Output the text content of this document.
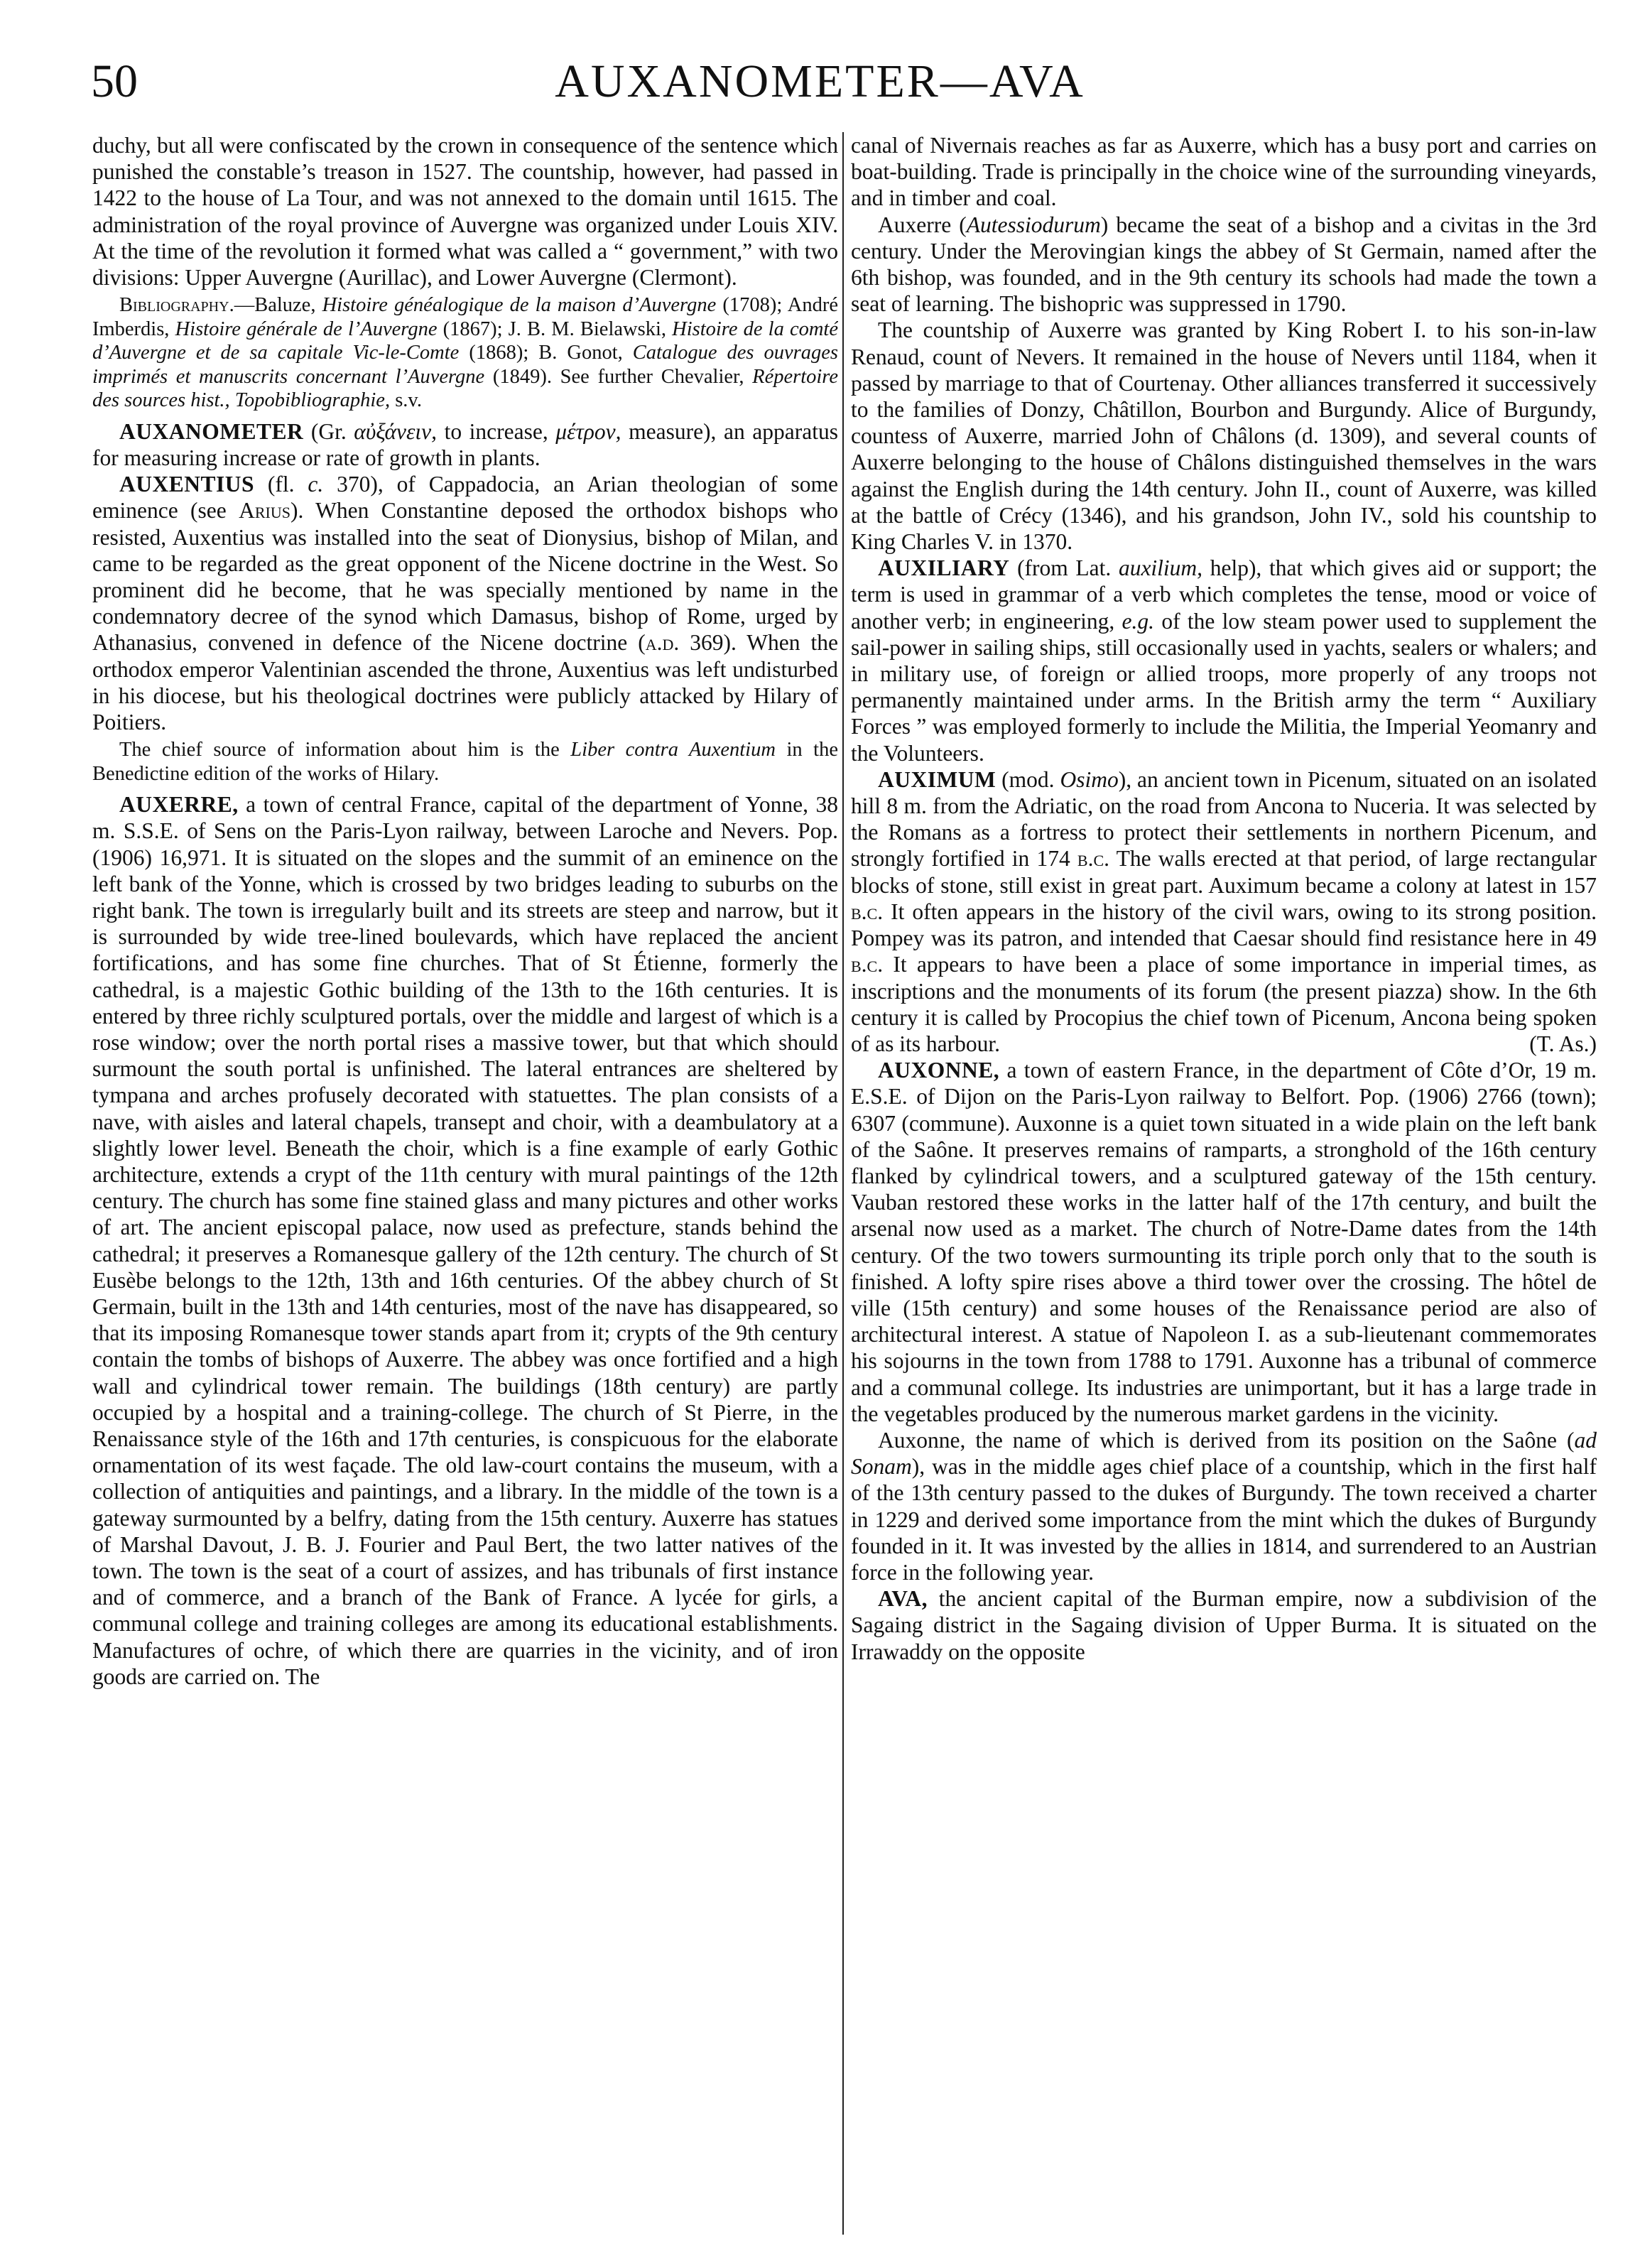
50	AUXANOMETER—AVA

duchy, but all were confiscated by the crown in consequence of the sentence which punished the constable’s treason in 1527. The countship, however, had passed in 1422 to the house of La Tour, and was not annexed to the domain until 1615. The administration of the royal province of Auvergne was organized under Louis XIV. At the time of the revolution it formed what was called a “ government,” with two divisions: Upper Auvergne (Aurillac), and Lower Auvergne (Clermont).

Bibliography.—Baluze, Histoire généalogique de la maison d’Auvergne (1708); André Imberdis, Histoire générale de l’Auvergne (1867); J. B. M. Bielawski, Histoire de la comté d’Auvergne et de sa capitale Vic-le-Comte (1868); B. Gonot, Catalogue des ouvrages imprimés et manuscrits concernant l’Auvergne (1849). See further Chevalier, Répertoire des sources hist., Topobibliographie, s.v.

AUXANOMETER (Gr. αὐξάνειν, to increase, μέτρον, measure), an apparatus for measuring increase or rate of growth in plants.

AUXENTIUS (fl. c. 370), of Cappadocia, an Arian theologian of some eminence (see Arius). When Constantine deposed the orthodox bishops who resisted, Auxentius was installed into the seat of Dionysius, bishop of Milan, and came to be regarded as the great opponent of the Nicene doctrine in the West. So prominent did he become, that he was specially mentioned by name in the condemnatory decree of the synod which Damasus, bishop of Rome, urged by Athanasius, convened in defence of the Nicene doctrine (a.d. 369). When the orthodox emperor Valentinian ascended the throne, Auxentius was left undisturbed in his diocese, but his theological doctrines were publicly attacked by Hilary of Poitiers.

The chief source of information about him is the Liber contra Auxentium in the Benedictine edition of the works of Hilary.

AUXERRE, a town of central France, capital of the department of Yonne, 38 m. S.S.E. of Sens on the Paris-Lyon railway, between Laroche and Nevers. Pop. (1906) 16,971. It is situated on the slopes and the summit of an eminence on the left bank of the Yonne, which is crossed by two bridges leading to suburbs on the right bank. The town is irregularly built and its streets are steep and narrow, but it is surrounded by wide tree-lined boulevards, which have replaced the ancient fortifications, and has some fine churches. That of St Étienne, formerly the cathedral, is a majestic Gothic building of the 13th to the 16th centuries. It is entered by three richly sculptured portals, over the middle and largest of which is a rose window; over the north portal rises a massive tower, but that which should surmount the south portal is unfinished. The lateral entrances are sheltered by tympana and arches profusely decorated with statuettes. The plan consists of a nave, with aisles and lateral chapels, transept and choir, with a deambulatory at a slightly lower level. Beneath the choir, which is a fine example of early Gothic architecture, extends a crypt of the 11th century with mural paintings of the 12th century. The church has some fine stained glass and many pictures and other works of art. The ancient episcopal palace, now used as prefecture, stands behind the cathedral; it preserves a Romanesque gallery of the 12th century. The church of St Eusèbe belongs to the 12th, 13th and 16th centuries. Of the abbey church of St Germain, built in the 13th and 14th centuries, most of the nave has disappeared, so that its imposing Romanesque tower stands apart from it; crypts of the 9th century contain the tombs of bishops of Auxerre. The abbey was once fortified and a high wall and cylindrical tower remain. The buildings (18th century) are partly occupied by a hospital and a training-college. The church of St Pierre, in the Renaissance style of the 16th and 17th centuries, is conspicuous for the elaborate ornamentation of its west façade. The old law-court contains the museum, with a collection of antiquities and paintings, and a library. In the middle of the town is a gateway surmounted by a belfry, dating from the 15th century. Auxerre has statues of Marshal Davout, J. B. J. Fourier and Paul Bert, the two latter natives of the town. The town is the seat of a court of assizes, and has tribunals of first instance and of commerce, and a branch of the Bank of France. A lycée for girls, a communal college and training colleges are among its educational establishments. Manufactures of ochre, of which there are quarries in the vicinity, and of iron goods are carried on. The

canal of Nivernais reaches as far as Auxerre, which has a busy port and carries on boat-building. Trade is principally in the choice wine of the surrounding vineyards, and in timber and coal.

Auxerre (Autessiodurum) became the seat of a bishop and a civitas in the 3rd century. Under the Merovingian kings the abbey of St Germain, named after the 6th bishop, was founded, and in the 9th century its schools had made the town a seat of learning. The bishopric was suppressed in 1790.

The countship of Auxerre was granted by King Robert I. to his son-in-law Renaud, count of Nevers. It remained in the house of Nevers until 1184, when it passed by marriage to that of Courtenay. Other alliances transferred it successively to the families of Donzy, Châtillon, Bourbon and Burgundy. Alice of Burgundy, countess of Auxerre, married John of Châlons (d. 1309), and several counts of Auxerre belonging to the house of Châlons distinguished themselves in the wars against the English during the 14th century. John II., count of Auxerre, was killed at the battle of Crécy (1346), and his grandson, John IV., sold his countship to King Charles V. in 1370.

AUXILIARY (from Lat. auxilium, help), that which gives aid or support; the term is used in grammar of a verb which completes the tense, mood or voice of another verb; in engineering, e.g. of the low steam power used to supplement the sail-power in sailing ships, still occasionally used in yachts, sealers or whalers; and in military use, of foreign or allied troops, more properly of any troops not permanently maintained under arms. In the British army the term “ Auxiliary Forces ” was employed formerly to include the Militia, the Imperial Yeomanry and the Volunteers.

AUXIMUM (mod. Osimo), an ancient town in Picenum, situated on an isolated hill 8 m. from the Adriatic, on the road from Ancona to Nuceria. It was selected by the Romans as a fortress to protect their settlements in northern Picenum, and strongly fortified in 174 b.c. The walls erected at that period, of large rectangular blocks of stone, still exist in great part. Auximum became a colony at latest in 157 b.c. It often appears in the history of the civil wars, owing to its strong position. Pompey was its patron, and intended that Caesar should find resistance here in 49 b.c. It appears to have been a place of some importance in imperial times, as inscriptions and the monuments of its forum (the present piazza) show. In the 6th century it is called by Procopius the chief town of Picenum, Ancona being spoken of as its harbour.	(T. As.)

AUXONNE, a town of eastern France, in the department of Côte d’Or, 19 m. E.S.E. of Dijon on the Paris-Lyon railway to Belfort. Pop. (1906) 2766 (town); 6307 (commune). Auxonne is a quiet town situated in a wide plain on the left bank of the Saône. It preserves remains of ramparts, a stronghold of the 16th century flanked by cylindrical towers, and a sculptured gateway of the 15th century. Vauban restored these works in the latter half of the 17th century, and built the arsenal now used as a market. The church of Notre-Dame dates from the 14th century. Of the two towers surmounting its triple porch only that to the south is finished. A lofty spire rises above a third tower over the crossing. The hôtel de ville (15th century) and some houses of the Renaissance period are also of architectural interest. A statue of Napoleon I. as a sub-lieutenant commemorates his sojourns in the town from 1788 to 1791. Auxonne has a tribunal of commerce and a communal college. Its industries are unimportant, but it has a large trade in the vegetables produced by the numerous market gardens in the vicinity.

Auxonne, the name of which is derived from its position on the Saône (ad Sonam), was in the middle ages chief place of a countship, which in the first half of the 13th century passed to the dukes of Burgundy. The town received a charter in 1229 and derived some importance from the mint which the dukes of Burgundy founded in it. It was invested by the allies in 1814, and surrendered to an Austrian force in the following year.

AVA, the ancient capital of the Burman empire, now a subdivision of the Sagaing district in the Sagaing division of Upper Burma. It is situated on the Irrawaddy on the opposite
